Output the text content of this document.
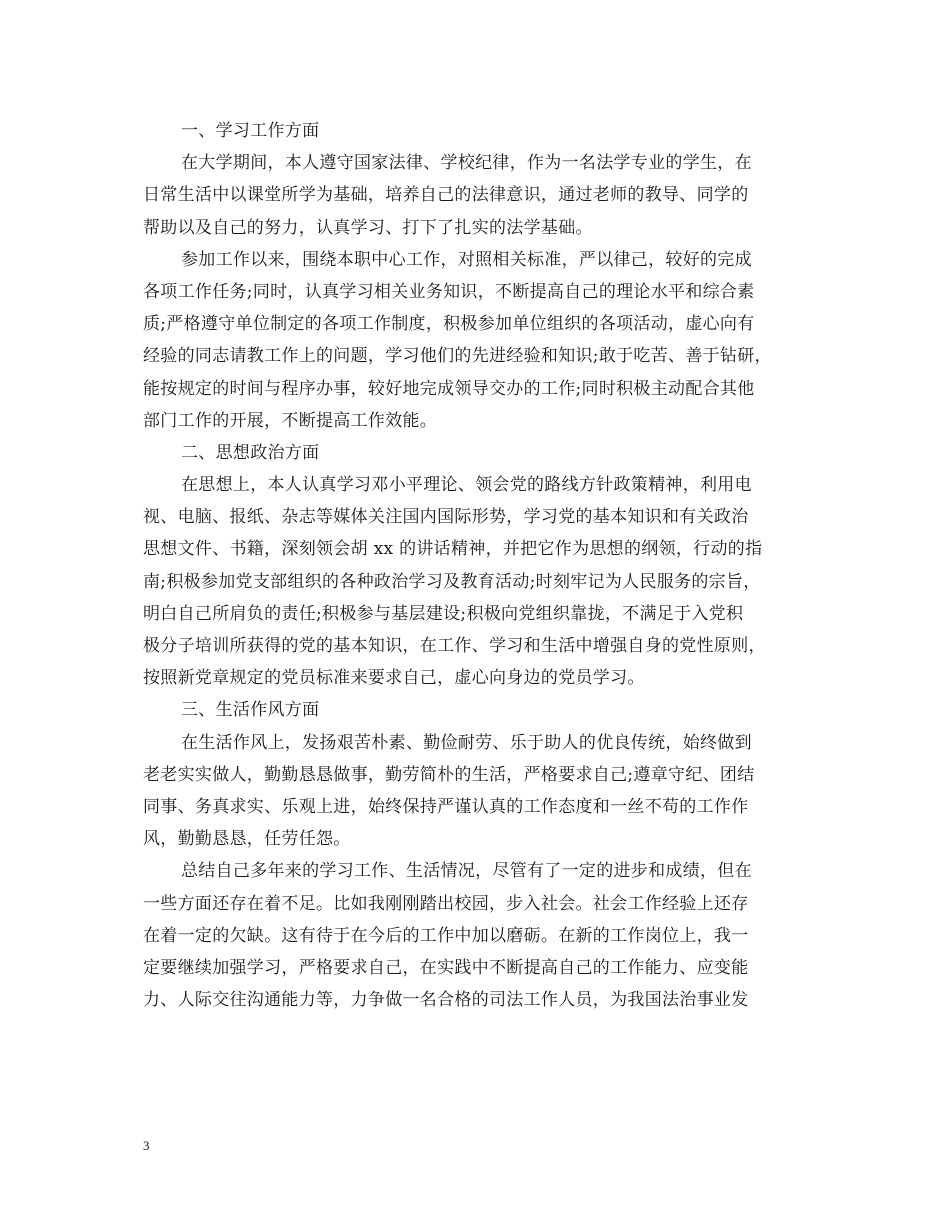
一、学习工作方面
在大学期间，本人遵守国家法律、学校纪律，作为一名法学专业的学生，在
日常生活中以课堂所学为基础，培养自己的法律意识，通过老师的教导、同学的
帮助以及自己的努力，认真学习、打下了扎实的法学基础。
参加工作以来，围绕本职中心工作，对照相关标准，严以律己，较好的完成
各项工作任务;同时，认真学习相关业务知识，不断提高自己的理论水平和综合素
质;严格遵守单位制定的各项工作制度，积极参加单位组织的各项活动，虚心向有
经验的同志请教工作上的问题，学习他们的先进经验和知识;敢于吃苦、善于钻研，
能按规定的时间与程序办事，较好地完成领导交办的工作;同时积极主动配合其他
部门工作的开展，不断提高工作效能。
二、思想政治方面
在思想上，本人认真学习邓小平理论、领会党的路线方针政策精神，利用电
视、电脑、报纸、杂志等媒体关注国内国际形势，学习党的基本知识和有关政治
思想文件、书籍，深刻领会胡 xx 的讲话精神，并把它作为思想的纲领，行动的指
南;积极参加党支部组织的各种政治学习及教育活动;时刻牢记为人民服务的宗旨，
明白自己所肩负的责任;积极参与基层建设;积极向党组织靠拢，不满足于入党积
极分子培训所获得的党的基本知识，在工作、学习和生活中增强自身的党性原则，
按照新党章规定的党员标准来要求自己，虚心向身边的党员学习。
三、生活作风方面
在生活作风上，发扬艰苦朴素、勤俭耐劳、乐于助人的优良传统，始终做到
老老实实做人，勤勤恳恳做事，勤劳简朴的生活，严格要求自己;遵章守纪、团结
同事、务真求实、乐观上进，始终保持严谨认真的工作态度和一丝不苟的工作作
风，勤勤恳恳，任劳任怨。
总结自己多年来的学习工作、生活情况，尽管有了一定的进步和成绩，但在
一些方面还存在着不足。比如我刚刚踏出校园，步入社会。社会工作经验上还存
在着一定的欠缺。这有待于在今后的工作中加以磨砺。在新的工作岗位上，我一
定要继续加强学习，严格要求自己，在实践中不断提高自己的工作能力、应变能
力、人际交往沟通能力等，力争做一名合格的司法工作人员，为我国法治事业发
3
